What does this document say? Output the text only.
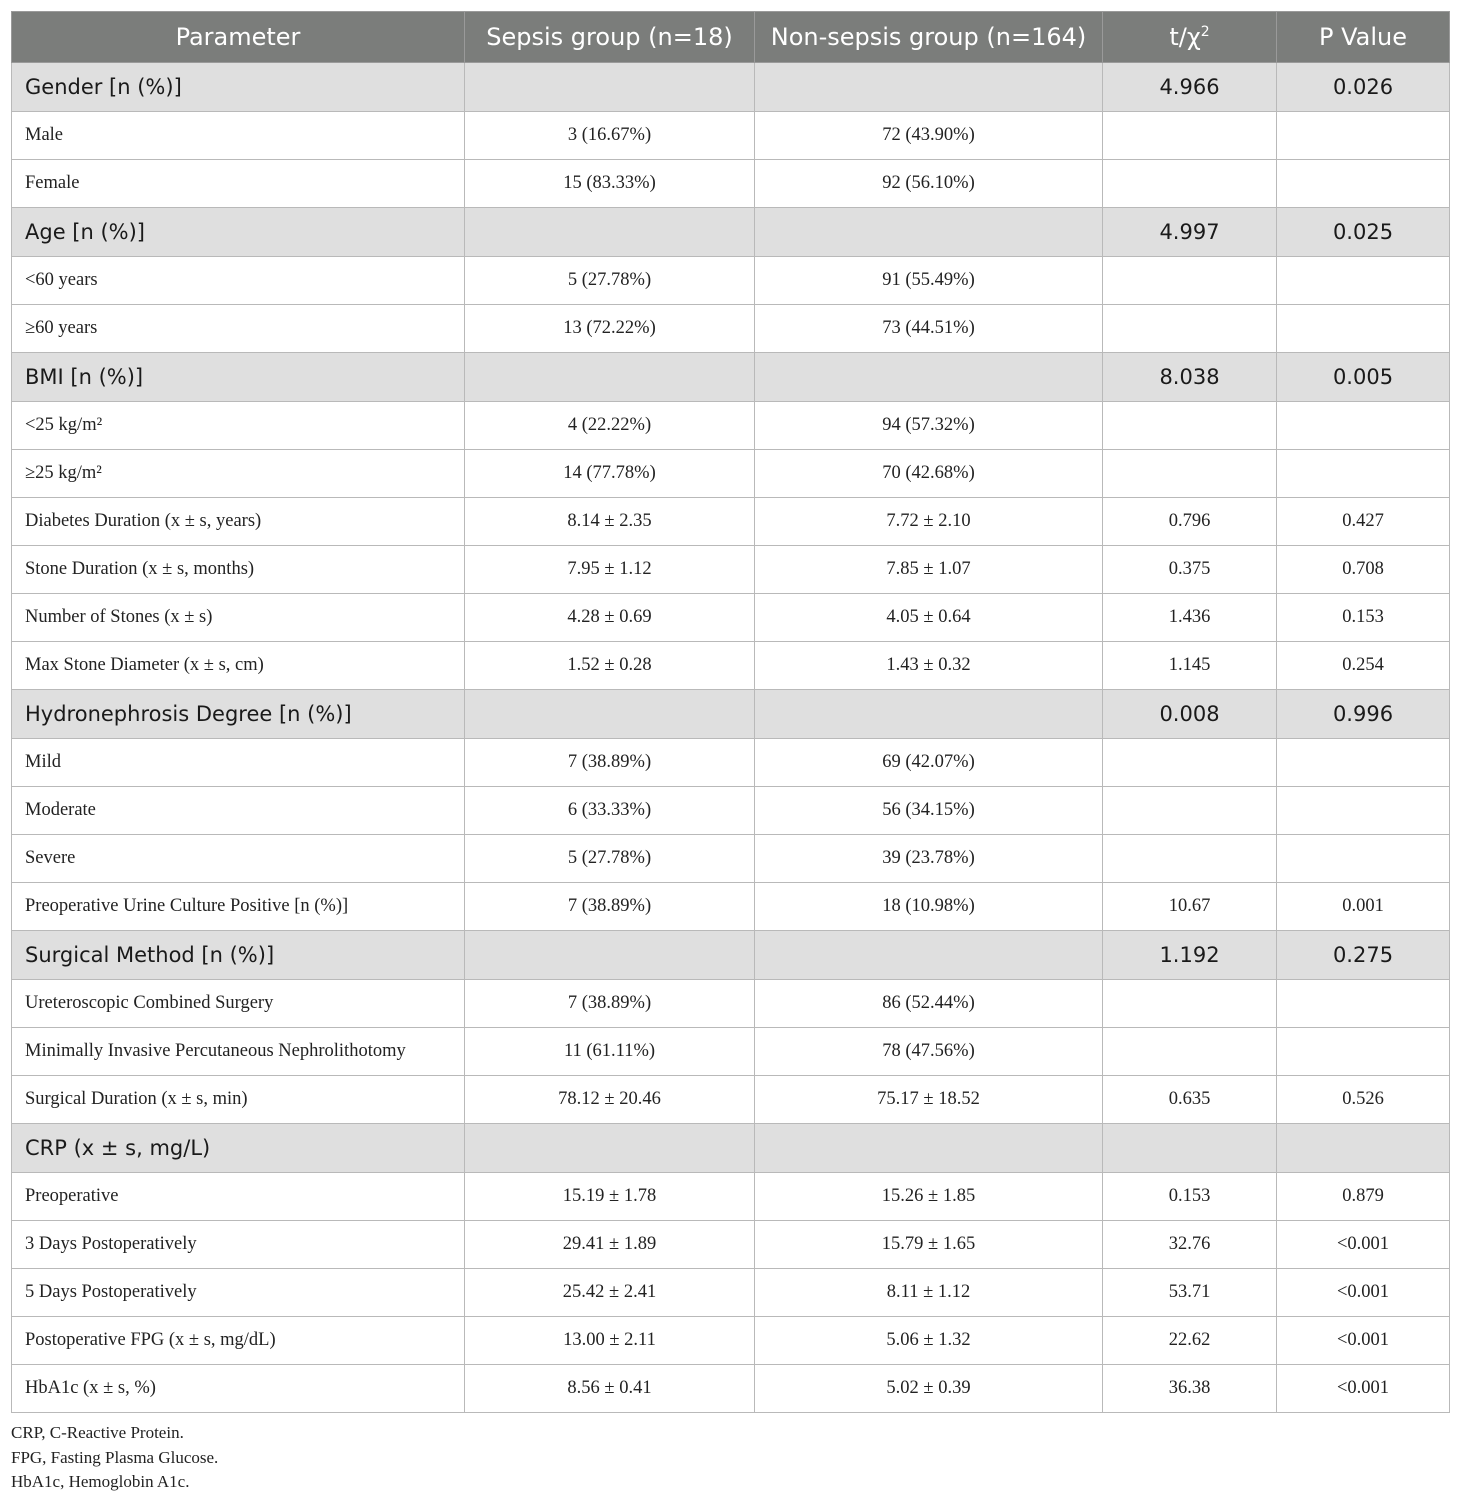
Parameter	Sepsis group (n=18)	Non-sepsis group (n=164)	$t/\chi^2$	P Value
Gender [n (%)]			4.966	0.026
Male	3 (16.67%)	72 (43.90%)		
Female	15 (83.33%)	92 (56.10%)		
Age [n (%)]			4.997	0.025
<60 years	5 (27.78%)	91 (55.49%)		
≥60 years	13 (72.22%)	73 (44.51%)		
BMI [n (%)]			8.038	0.005
<25 kg/m²	4 (22.22%)	94 (57.32%)		
≥25 kg/m²	14 (77.78%)	70 (42.68%)		
Diabetes Duration (x ± s, years)	8.14 ± 2.35	7.72 ± 2.10	0.796	0.427
Stone Duration (x ± s, months)	7.95 ± 1.12	7.85 ± 1.07	0.375	0.708
Number of Stones (x ± s)	4.28 ± 0.69	4.05 ± 0.64	1.436	0.153
Max Stone Diameter (x ± s, cm)	1.52 ± 0.28	1.43 ± 0.32	1.145	0.254
Hydronephrosis Degree [n (%)]			0.008	0.996
Mild	7 (38.89%)	69 (42.07%)		
Moderate	6 (33.33%)	56 (34.15%)		
Severe	5 (27.78%)	39 (23.78%)		
Preoperative Urine Culture Positive [n (%)]	7 (38.89%)	18 (10.98%)	10.67	0.001
Surgical Method [n (%)]			1.192	0.275
Ureteroscopic Combined Surgery	7 (38.89%)	86 (52.44%)		
Minimally Invasive Percutaneous Nephrolithotomy	11 (61.11%)	78 (47.56%)		
Surgical Duration (x ± s, min)	78.12 ± 20.46	75.17 ± 18.52	0.635	0.526
CRP (x ± s, mg/L)				
Preoperative	15.19 ± 1.78	15.26 ± 1.85	0.153	0.879
3 Days Postoperatively	29.41 ± 1.89	15.79 ± 1.65	32.76	<0.001
5 Days Postoperatively	25.42 ± 2.41	8.11 ± 1.12	53.71	<0.001
Postoperative FPG (x ± s, mg/dL)	13.00 ± 2.11	5.06 ± 1.32	22.62	<0.001
HbA1c (x ± s, %)	8.56 ± 0.41	5.02 ± 0.39	36.38	<0.001
CRP, C-Reactive Protein.
FPG, Fasting Plasma Glucose.
HbA1c, Hemoglobin A1c.
